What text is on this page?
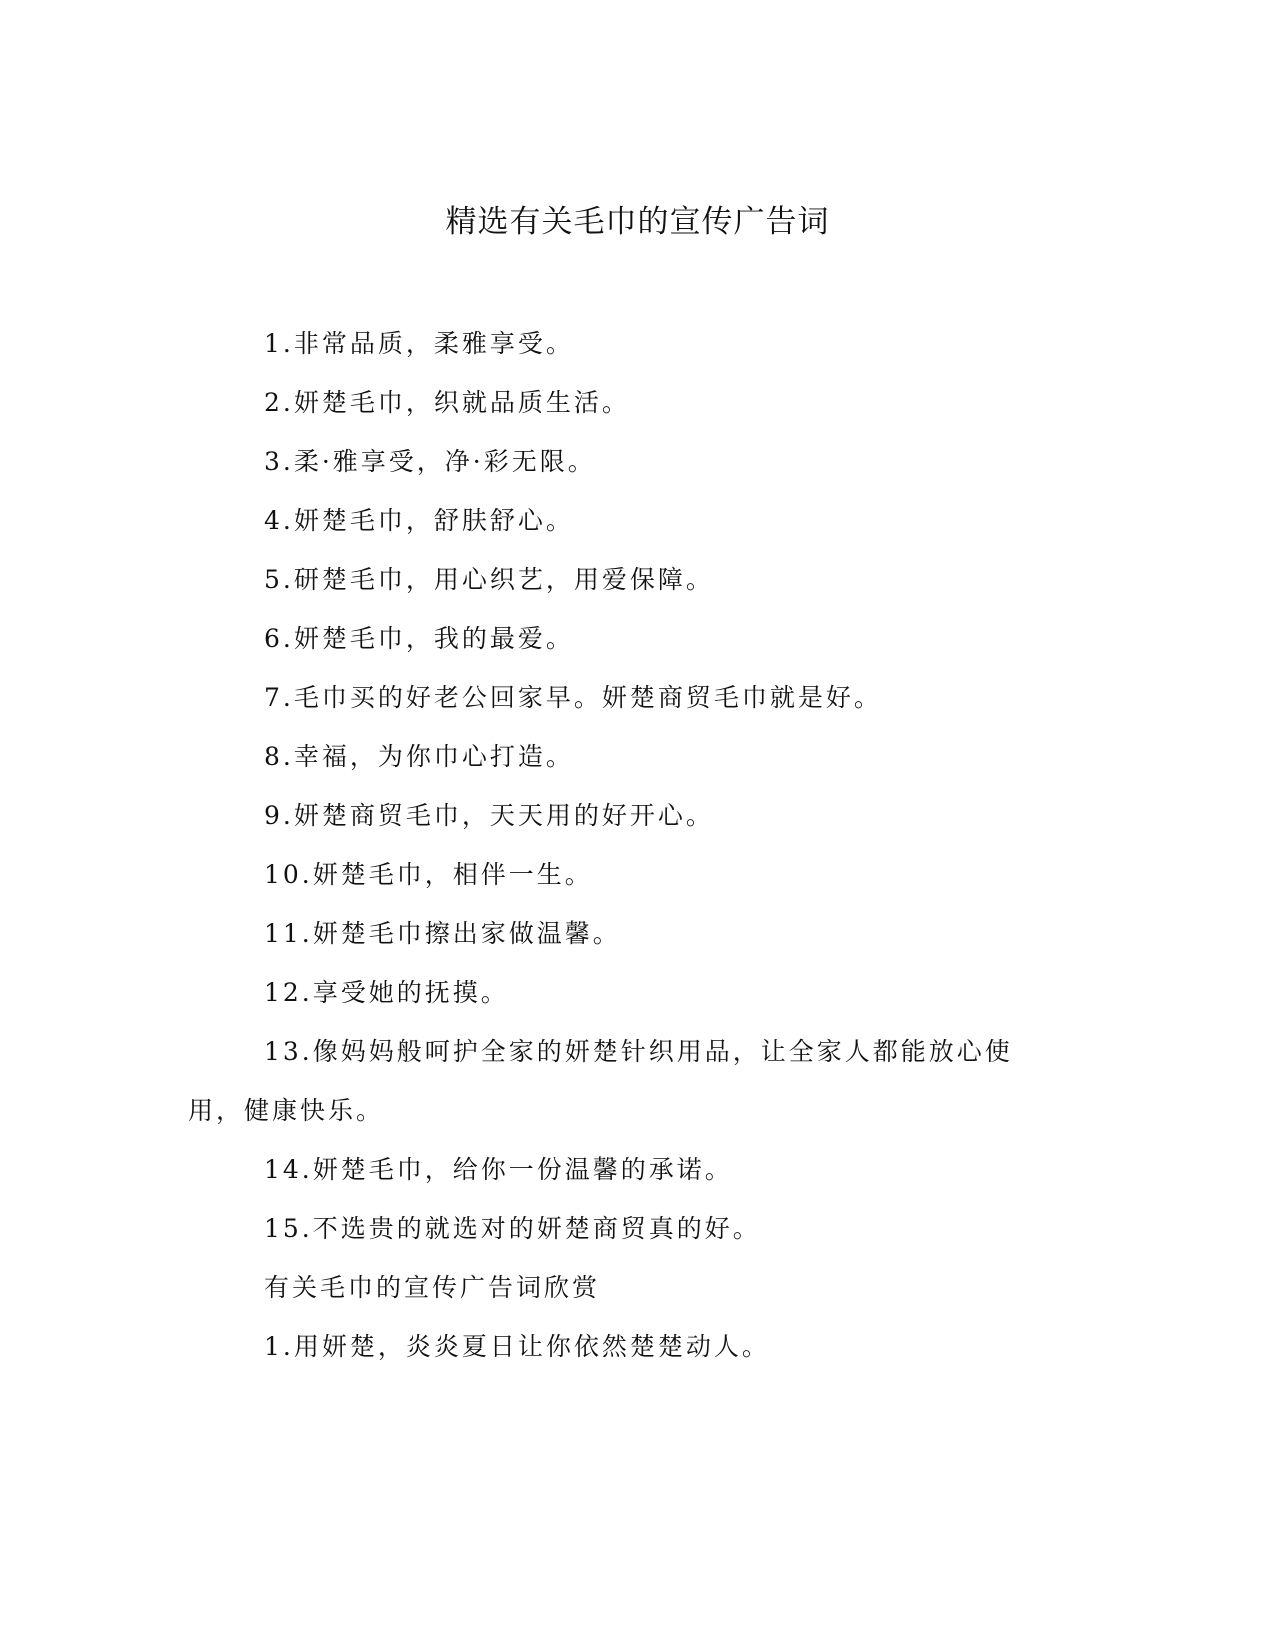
精选有关毛巾的宣传广告词

1.非常品质，柔雅享受。

2.妍楚毛巾，织就品质生活。

3.柔·雅享受，净·彩无限。

4.妍楚毛巾，舒肤舒心。

5.研楚毛巾，用心织艺，用爱保障。

6.妍楚毛巾，我的最爱。

7.毛巾买的好老公回家早。妍楚商贸毛巾就是好。

8.幸福，为你巾心打造。

9.妍楚商贸毛巾，天天用的好开心。

10.妍楚毛巾，相伴一生。

11.妍楚毛巾擦出家做温馨。

12.享受她的抚摸。

13.像妈妈般呵护全家的妍楚针织用品，让全家人都能放心使用，健康快乐。

14.妍楚毛巾，给你一份温馨的承诺。

15.不选贵的就选对的妍楚商贸真的好。

有关毛巾的宣传广告词欣赏

1.用妍楚，炎炎夏日让你依然楚楚动人。
